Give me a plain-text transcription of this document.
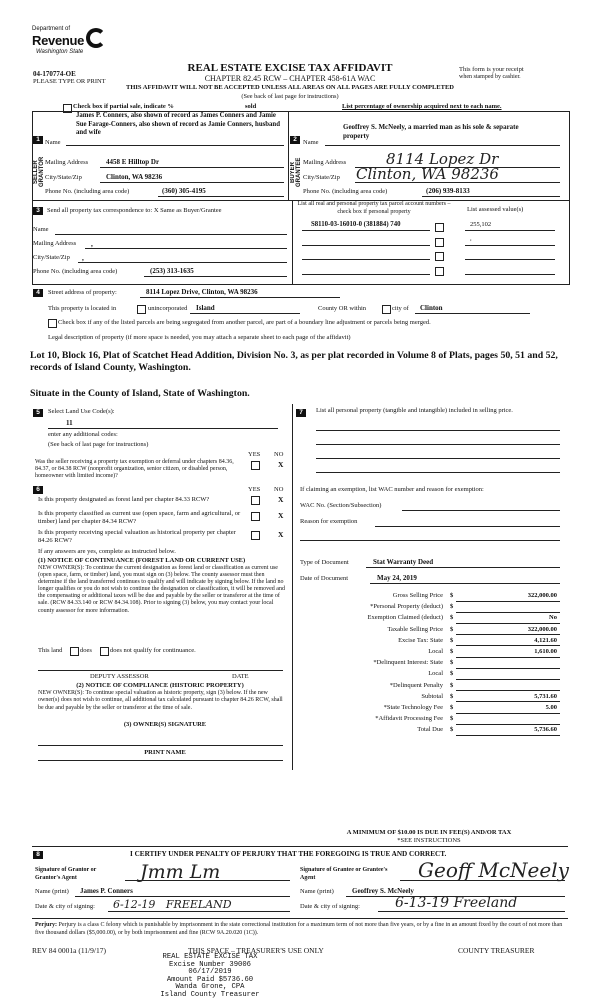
Department of
Revenue
Washington State
04-170774-OE
PLEASE TYPE OR PRINT
REAL ESTATE EXCISE TAX AFFIDAVIT
CHAPTER 82.45 RCW – CHAPTER 458-61A WAC
THIS AFFIDAVIT WILL NOT BE ACCEPTED UNLESS ALL AREAS ON ALL PAGES ARE FULLY COMPLETED
(See back of last page for instructions)
This form is your receipt
when stamped by cashier.
Check box if partial sale, indicate %	sold	List percentage of ownership acquired next to each name.
1
SELLER GRANTOR
Name
James P. Conners, also shown of record as James Conners and Jamie Sue Farage-Conners, also shown of record as Jamie Conners, husband and wife
Mailing Address	4458 E Hilltop Dr
City/State/Zip	Clinton, WA 98236
Phone No. (including area code)	(360) 305-4195
2
BUYER GRANTEE
Name
Geoffrey S. McNeely, a married man as his sole & separate property
Mailing Address	8114 Lopez Dr
City/State/Zip Clinton, WA 98236
Phone No. (including area code)	(206) 939-8133
3	Send all property tax correspondence to: X Same as Buyer/Grantee
Name
Mailing Address ,
City/State/Zip ,
Phone No. (including area code)	(253) 313-1635
List all real and personal property tax parcel account numbers – check box if personal property	List assessed value(s)
S8110-03-16010-0 (381884) 740	255,102
,
4	Street address of property:	8114 Lopez Drive, Clinton, WA 98236
This property is located in	unincorporated Island	County OR within	city of Clinton
Check box if any of the listed parcels are being segregated from another parcel, are part of a boundary line adjustment or parcels being merged.
Legal description of property (if more space is needed, you may attach a separate sheet to each page of the affidavit)
Lot 10, Block 16, Plat of Scatchet Head Addition, Division No. 3, as per plat recorded in Volume 8 of Plats, pages 50, 51 and 52, records of Island County, Washington.
Situate in the County of Island, State of Washington.
5	Select Land Use Code(s):
11
enter any additional codes:
(See back of last page for instructions)
YES NO
Was the seller receiving a property tax exemption or deferral under chapters 84.36, 84.37, or 84.38 RCW (nonprofit organization, senior citizen, or disabled person, homeowner with limited income)?
X
6	YES NO
Is this property designated as forest land per chapter 84.33 RCW?	X
Is this property classified as current use (open space, farm and agricultural, or timber) land per chapter 84.34 RCW?
X
Is this property receiving special valuation as historical property per chapter 84.26 RCW?
X
If any answers are yes, complete as instructed below.
(1) NOTICE OF CONTINUANCE (FOREST LAND OR CURRENT USE)
NEW OWNER(S): To continue the current designation as forest land or classification as current use (open space, farm, or timber) land, you must sign on (3) below. The county assessor must then determine if the land transferred continues to qualify and will indicate by signing below. If the land no longer qualifies or you do not wish to continue the designation or classification, it will be removed and the compensating or additional taxes will be due and payable by the seller or transferor at the time of sale. (RCW 84.33.140 or RCW 84.34.108). Prior to signing (3) below, you may contact your local county assessor for more information.
This land	does	does not qualify for continuance.
DEPUTY ASSESSOR	DATE
(2) NOTICE OF COMPLIANCE (HISTORIC PROPERTY)
NEW OWNER(S): To continue special valuation as historic property, sign (3) below. If the new owner(s) does not wish to continue, all additional tax calculated pursuant to chapter 84.26 RCW, shall be due and payable by the seller or transferor at the time of sale.
(3) OWNER(S) SIGNATURE
PRINT NAME
7	List all personal property (tangible and intangible) included in selling price.
If claiming an exemption, list WAC number and reason for exemption:
WAC No. (Section/Subsection)
Reason for exemption
Type of Document	Stat Warranty Deed
Date of Document	May 24, 2019
Gross Selling Price $	322,000.00
*Personal Property (deduct) $
Exemption Claimed (deduct) $	No
Taxable Selling Price $	322,000.00
Excise Tax: State $	4,121.60
Local $	1,610.00
*Delinquent Interest: State $
Local $
*Delinquent Penalty $
Subtotal $	5,731.60
*State Technology Fee $	5.00
*Affidavit Processing Fee $
Total Due $	5,736.60
A MINIMUM OF $10.00 IS DUE IN FEE(S) AND/OR TAX
*SEE INSTRUCTIONS
8	I CERTIFY UNDER PENALTY OF PERJURY THAT THE FOREGOING IS TRUE AND CORRECT.
Signature of Grantor or Grantor's Agent	Jmm Lm
Name (print) James P. Conners
Date & city of signing: 6-12-19   FREELAND
Signature of Grantee or Grantee's Agent	Geoff McNeely
Name (print)	Geoffrey S. McNeely
Date & city of signing:	6-13-19 Freeland
Perjury: Perjury is a class C felony which is punishable by imprisonment in the state correctional institution for a maximum term of not more than five years, or by a fine in an amount fixed by the court of not more than five thousand dollars ($5,000.00), or by both imprisonment and fine (RCW 9A.20.020 (1C)).
REV 84 0001a (11/9/17)	THIS SPACE – TREASURER'S USE ONLY	COUNTY TREASURER
REAL ESTATE EXCISE TAX
Excise Number 39006
06/17/2019
Amount Paid $5736.60
Wanda Grone, CPA
Island County Treasurer
